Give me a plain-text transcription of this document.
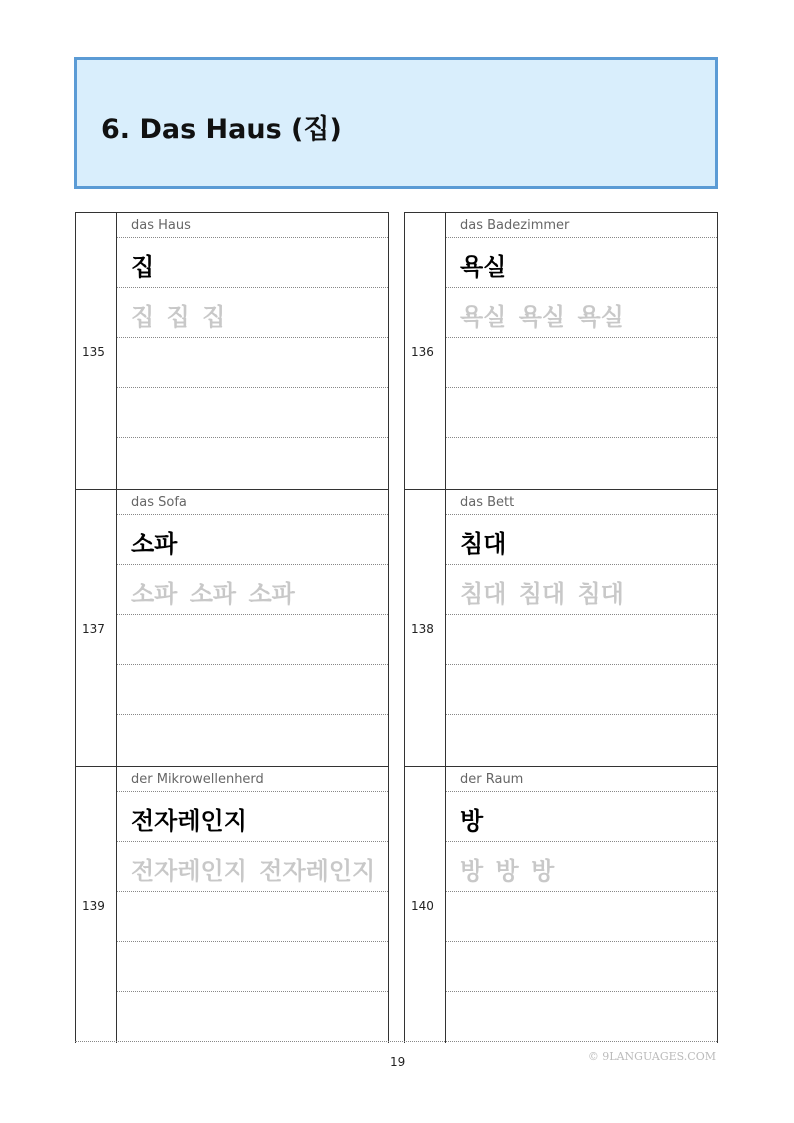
6. Das Haus (집)
135
das Haus
집
집 집 집
136
das Badezimmer
욕실
욕실 욕실 욕실
137
das Sofa
소파
소파 소파 소파
138
das Bett
침대
침대 침대 침대
139
der Mikrowellenherd
전자레인지
전자레인지 전자레인지
140
der Raum
방
방 방 방
19	© 9LANGUAGES.COM
